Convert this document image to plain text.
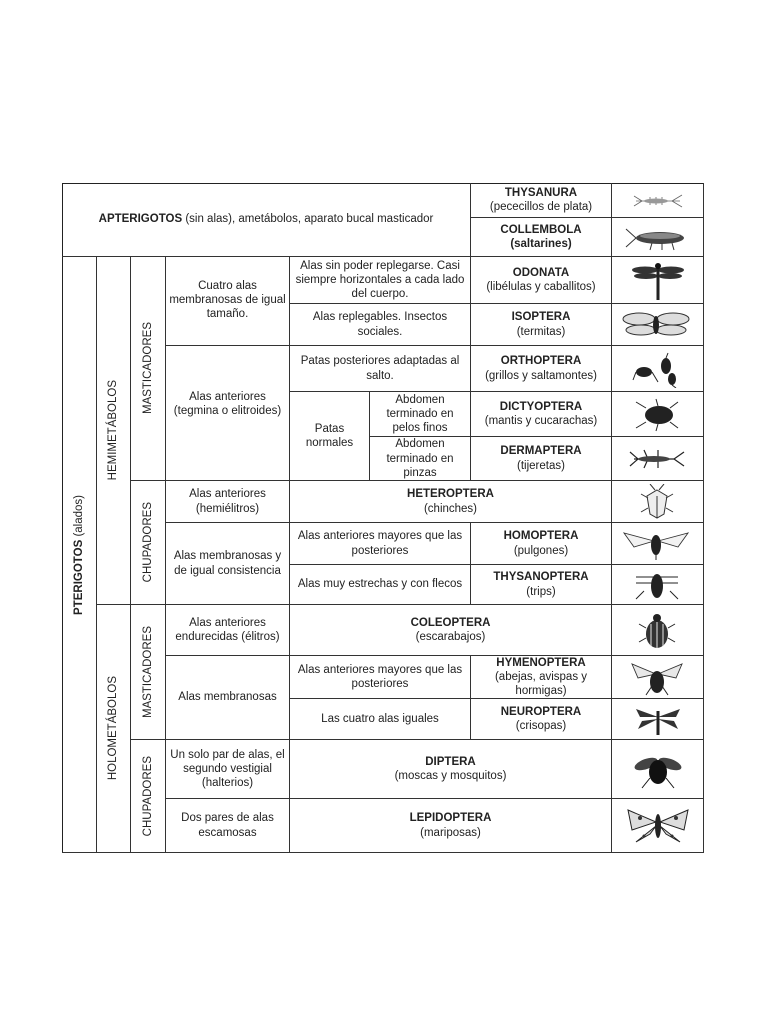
APTERIGOTOS (sin alas), ametábolos, aparato bucal masticador
THYSANURA
(pececillos de plata)
COLLEMBOLA
(saltarines)
PTERIGOTOS (alados)
HEMIMETÁBOLOS
HOLOMETÁBOLOS
MASTICADORES
CHUPADORES
MASTICADORES
CHUPADORES
Cuatro alas membranosas de igual tamaño.
Alas anteriores (tegmina o elitroides)
Alas anteriores (hemiélitros)
Alas membranosas y de igual consistencia
Alas anteriores endurecidas (élitros)
Alas membranosas
Un solo par de alas, el segundo vestigial (halterios)
Dos pares de alas escamosas
Alas sin poder replegarse. Casi siempre horizontales a cada lado del cuerpo.
Alas replegables. Insectos sociales.
Patas posteriores adaptadas al salto.
Patas normales
Abdomen terminado en pelos finos
Abdomen terminado en pinzas
Alas anteriores mayores que las posteriores
Alas muy estrechas y con flecos
Alas anteriores mayores que las posteriores
Las cuatro alas iguales
ODONATA
(libélulas y caballitos)
ISOPTERA
(termitas)
ORTHOPTERA
(grillos y saltamontes)
DICTYOPTERA
(mantis y cucarachas)
DERMAPTERA
(tijeretas)
HETEROPTERA
(chinches)
HOMOPTERA
(pulgones)
THYSANOPTERA
(trips)
COLEOPTERA
(escarabajos)
HYMENOPTERA
(abejas, avispas y hormigas)
NEUROPTERA
(crisopas)
DIPTERA
(moscas y mosquitos)
LEPIDOPTERA
(mariposas)
